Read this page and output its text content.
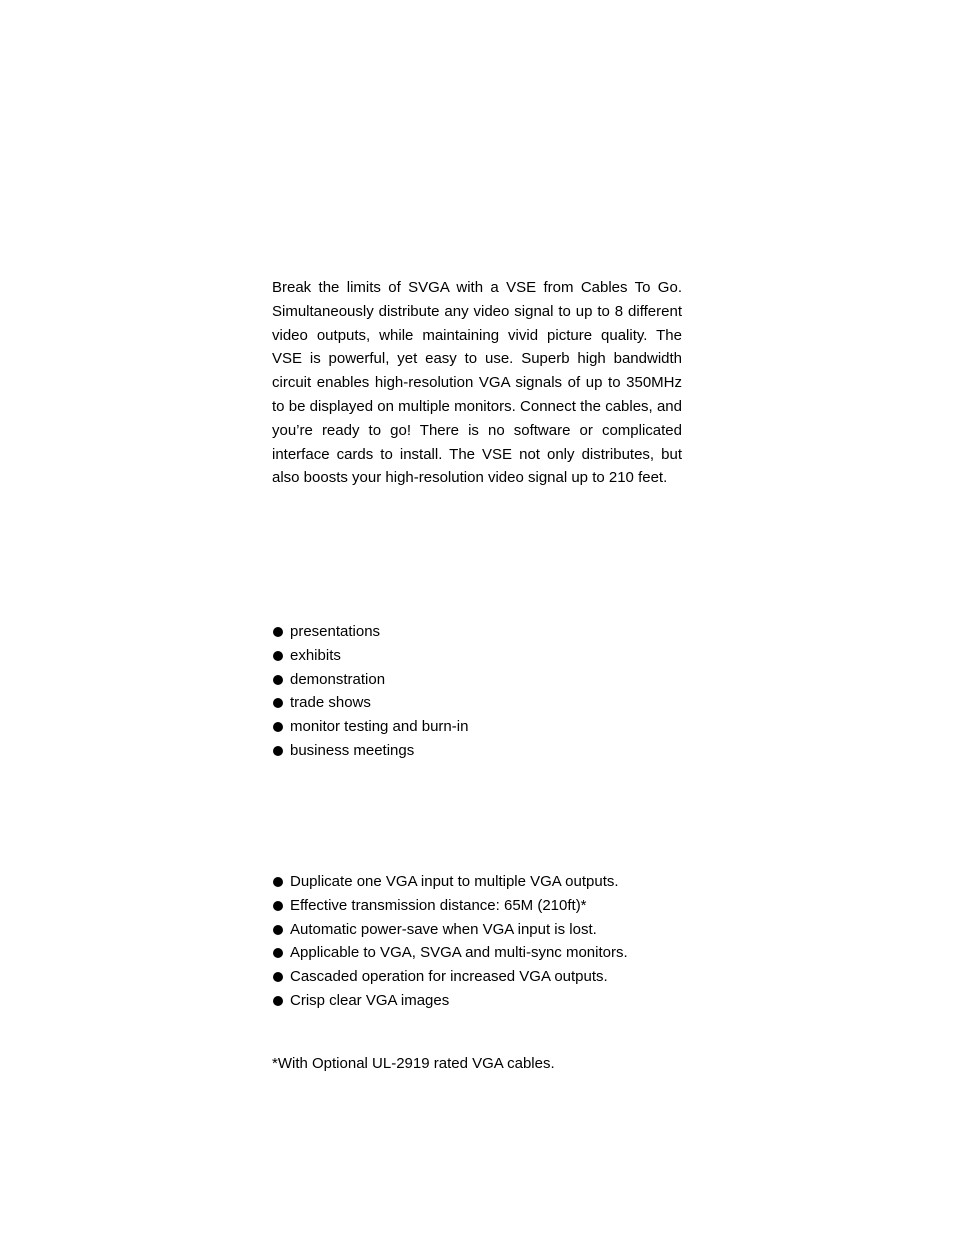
Break the limits of SVGA with a VSE from Cables To Go. Simultaneously distribute any video signal to up to 8 different video outputs, while maintaining vivid picture quality. The VSE is powerful, yet easy to use. Superb high bandwidth circuit enables high-resolution VGA signals of up to 350MHz to be displayed on multiple monitors. Connect the cables, and you’re ready to go! There is no software or complicated interface cards to install. The VSE not only distributes, but also boosts your high-resolution video signal up to 210 feet.

presentations
exhibits
demonstration
trade shows
monitor testing and burn-in
business meetings
Duplicate one VGA input to multiple VGA outputs.
Effective transmission distance: 65M (210ft)*
Automatic power-save when VGA input is lost.
Applicable to VGA, SVGA and multi-sync monitors.
Cascaded operation for increased VGA outputs.
Crisp clear VGA images

*With Optional UL-2919 rated VGA cables.
